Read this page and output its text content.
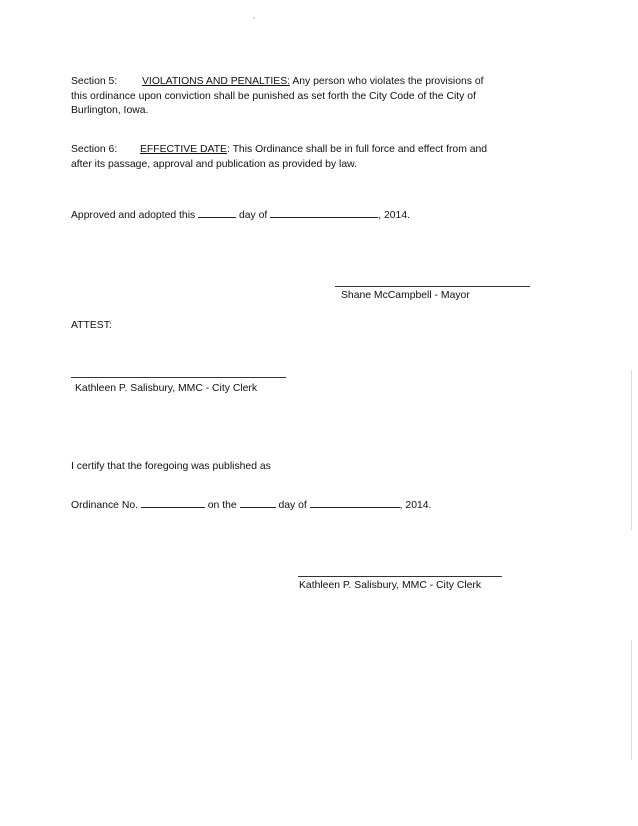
Section 5: VIOLATIONS AND PENALTIES: Any person who violates the provisions of
this ordinance upon conviction shall be punished as set forth the City Code of the City of
Burlington, Iowa.
Section 6: EFFECTIVE DATE: This Ordinance shall be in full force and effect from and
after its passage, approval and publication as provided by law.
Approved and adopted this	day of	, 2014.
Shane McCampbell - Mayor
ATTEST:
Kathleen P. Salisbury, MMC - City Clerk
I certify that the foregoing was published as
Ordinance No.	on the	day of	, 2014.
Kathleen P. Salisbury, MMC - City Clerk
